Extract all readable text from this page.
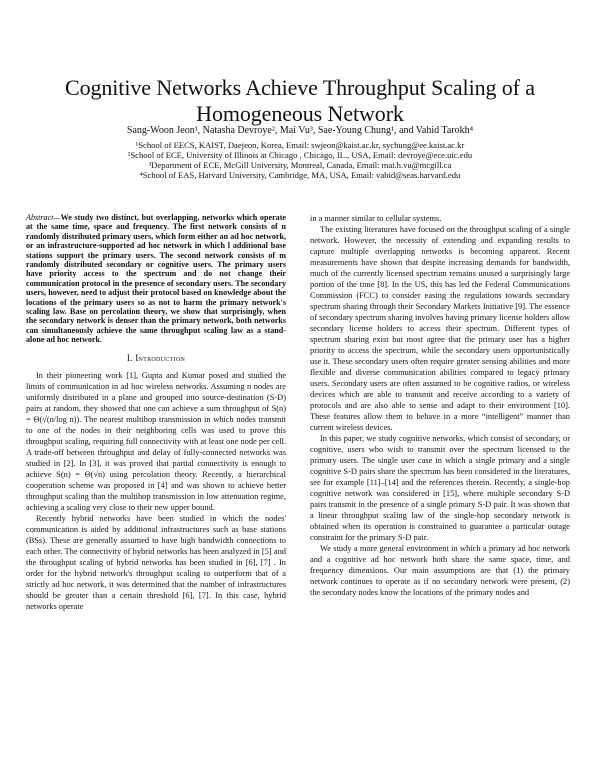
Cognitive Networks Achieve Throughput Scaling of a Homogeneous Network
Sang-Woon Jeon¹, Natasha Devroye², Mai Vu³, Sae-Young Chung¹, and Vahid Tarokh⁴
¹School of EECS, KAIST, Daejeon, Korea, Email: swjeon@kaist.ac.kr, sychung@ee.kaist.ac.kr
²School of ECE, University of Illinois at Chicago , Chicago, IL., USA, Email: devroye@ece.uic.edu
³Department of ECE, McGill University, Montreal, Canada, Email: mai.h.vu@mcgill.ca
⁴School of EAS, Harvard University, Cambridge, MA, USA, Email: vahid@seas.harvard.edu
Abstract—We study two distinct, but overlapping, networks which operate at the same time, space and frequency. The first network consists of n randomly distributed primary users, which form either an ad hoc network, or an infrastructure-supported ad hoc network in which l additional base stations support the primary users. The second network consists of m randomly distributed secondary or cognitive users. The primary users have priority access to the spectrum and do not change their communication protocol in the presence of secondary users. The secondary users, however, need to adjust their protocol based on knowledge about the locations of the primary users so as not to harm the primary network's scaling law. Base on percolation theory, we show that surprisingly, when the secondary network is denser than the primary network, both networks can simultaneously achieve the same throughput scaling law as a stand-alone ad hoc network.
I. Introduction

In their pioneering work [1], Gupta and Kumar posed and studied the limits of communication in ad hoc wireless networks. Assuming n nodes are uniformly distributed in a plane and grouped into source-destination (S-D) pairs at random, they showed that one can achieve a sum throughput of S(n) = Θ(√(n/log n)). The nearest multihop transmission in which nodes transmit to one of the nodes in their neighboring cells was used to prove this throughput scaling, requiring full connectivity with at least one node per cell. A trade-off between throughput and delay of fully-connected networks was studied in [2]. In [3], it was proved that partial connectivity is enough to achieve S(n) = Θ(√n) using percolation theory. Recently, a hierarchical cooperation scheme was proposed in [4] and was shown to achieve better throughput scaling than the multihop transmission in low attenuation regime, achieving a scaling very close to their new upper bound.

Recently hybrid networks have been studied in which the nodes' communication is aided by additional infrastructures such as base stations (BSs). These are generally assumed to have high bandwidth connections to each other. The connectivity of hybrid networks has been analyzed in [5] and the throughput scaling of hybrid networks has been studied in [6], [7] . In order for the hybrid network's throughput scaling to outperform that of a strictly ad hoc network, it was determined that the number of infrastructures should be greater than a certain threshold [6], [7]. In this case, hybrid networks operate

in a manner similar to cellular systems.

The existing literatures have focused on the throughput scaling of a single network. However, the necessity of extending and expanding results to capture multiple overlapping networks is becoming apparent. Recent measurements have shown that despite increasing demands for bandwidth, much of the currently licensed spectrum remains unused a surprisingly large portion of the time [8]. In the US, this has led the Federal Communications Commission (FCC) to consider easing the regulations towards secondary spectrum sharing through their Secondary Markets Initiative [9]. The essence of secondary spectrum sharing involves having primary license holders allow secondary license holders to access their spectrum. Different types of spectrum sharing exist but most agree that the primary user has a higher priority to access the spectrum, while the secondary users opportunistically use it. These secondary users often require greater sensing abilities and more flexible and diverse communication abilities compared to legacy primary users. Secondary users are often assumed to be cognitive radios, or wireless devices which are able to transmit and receive according to a variety of protocols and are also able to sense and adapt to their environment [10]. These features allow them to behave in a more “intelligent” manner than current wireless devices.

In this paper, we study cognitive networks, which consist of secondary, or cognitive, users who wish to transmit over the spectrum licensed to the primary users. The single user case in which a single primary and a single cognitive S-D pairs share the spectrum has been considered in the literatures, see for example [11]–[14] and the references therein. Recently, a single-hop cognitive network was considered in [15], where multiple secondary S-D pairs transmit in the presence of a single primary S-D pair. It was shown that a linear throughput scaling law of the single-hop secondary network is obtained when its operation is constrained to guarantee a particular outage constraint for the primary S-D pair.

We study a more general environment in which a primary ad hoc network and a cognitive ad hoc network both share the same space, time, and frequency dimensions. Our main assumptions are that (1) the primary network continues to operate as if no secondary network were present, (2) the secondary nodes know the locations of the primary nodes and
